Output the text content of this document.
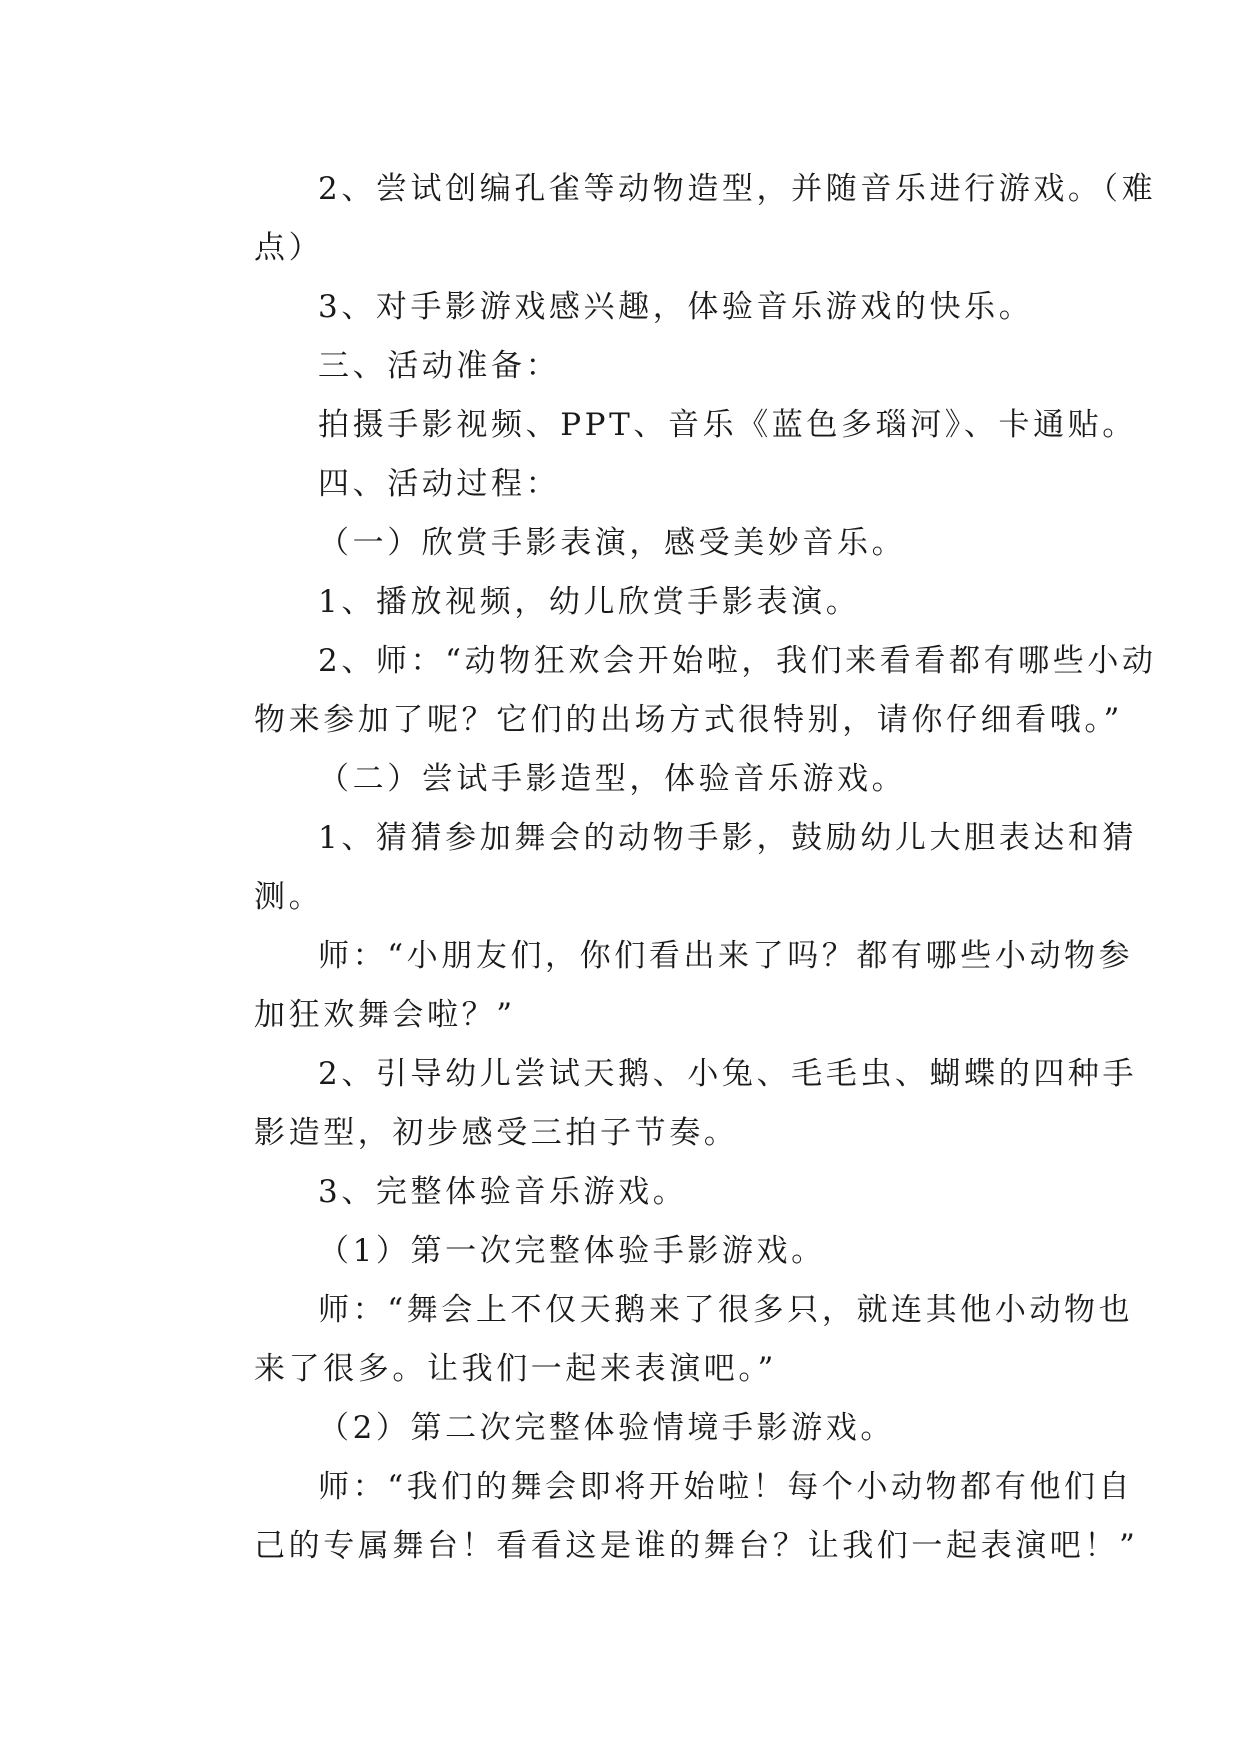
2、尝试创编孔雀等动物造型，并随音乐进行游戏。（难
点）
3、对手影游戏感兴趣，体验音乐游戏的快乐。
三、活动准备：
拍摄手影视频、PPT、音乐《蓝色多瑙河》、卡通贴。
四、活动过程：
（一）欣赏手影表演，感受美妙音乐。
1、播放视频，幼儿欣赏手影表演。
2、师：“动物狂欢会开始啦，我们来看看都有哪些小动
物来参加了呢？它们的出场方式很特别，请你仔细看哦。”
（二）尝试手影造型，体验音乐游戏。
1、猜猜参加舞会的动物手影，鼓励幼儿大胆表达和猜
测。
师：“小朋友们，你们看出来了吗？都有哪些小动物参
加狂欢舞会啦？”
2、引导幼儿尝试天鹅、小兔、毛毛虫、蝴蝶的四种手
影造型，初步感受三拍子节奏。
3、完整体验音乐游戏。
（1）第一次完整体验手影游戏。
师：“舞会上不仅天鹅来了很多只，就连其他小动物也
来了很多。让我们一起来表演吧。”
（2）第二次完整体验情境手影游戏。
师：“我们的舞会即将开始啦！每个小动物都有他们自
己的专属舞台！看看这是谁的舞台？让我们一起表演吧！”
